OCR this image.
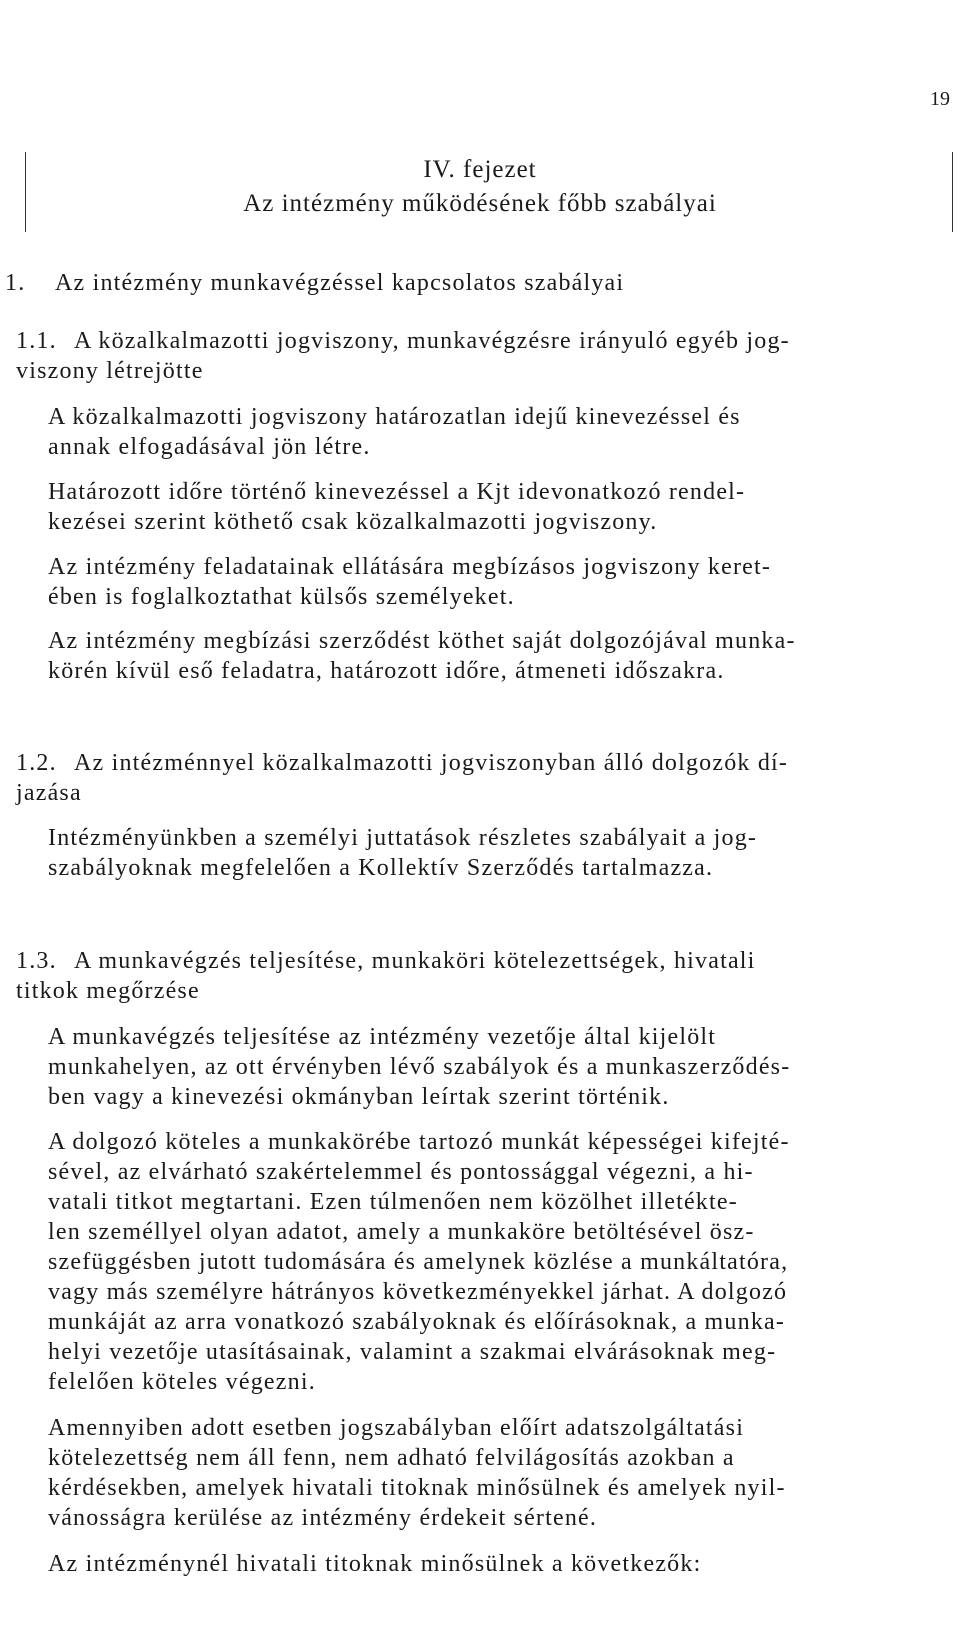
19
IV. fejezet
Az intézmény működésének főbb szabályai
1. Az intézmény munkavégzéssel kapcsolatos szabályai
1.1. A közalkalmazotti jogviszony, munkavégzésre irányuló egyéb jog-
viszony létrejötte
A közalkalmazotti jogviszony határozatlan idejű kinevezéssel és
annak elfogadásával jön létre.
Határozott időre történő kinevezéssel a Kjt idevonatkozó rendel-
kezései szerint köthető csak közalkalmazotti jogviszony.
Az intézmény feladatainak ellátására megbízásos jogviszony keret-
ében is foglalkoztathat külsős személyeket.
Az intézmény megbízási szerződést köthet saját dolgozójával munka-
körén kívül eső feladatra, határozott időre, átmeneti időszakra.
1.2. Az intézménnyel közalkalmazotti jogviszonyban álló dolgozók dí-
jazása
Intézményünkben a személyi juttatások részletes szabályait a jog-
szabályoknak megfelelően a Kollektív Szerződés tartalmazza.
1.3. A munkavégzés teljesítése, munkaköri kötelezettségek, hivatali
titkok megőrzése
A munkavégzés teljesítése az intézmény vezetője által kijelölt
munkahelyen, az ott érvényben lévő szabályok és a munkaszerződés-
ben vagy a kinevezési okmányban leírtak szerint történik.
A dolgozó köteles a munkakörébe tartozó munkát képességei kifejté-
sével, az elvárható szakértelemmel és pontossággal végezni, a hi-
vatali titkot megtartani. Ezen túlmenően nem közölhet illetékte-
len személlyel olyan adatot, amely a munkaköre betöltésével ösz-
szefüggésben jutott tudomására és amelynek közlése a munkáltatóra,
vagy más személyre hátrányos következményekkel járhat. A dolgozó
munkáját az arra vonatkozó szabályoknak és előírásoknak, a munka-
helyi vezetője utasításainak, valamint a szakmai elvárásoknak meg-
felelően köteles végezni.
Amennyiben adott esetben jogszabályban előírt adatszolgáltatási
kötelezettség nem áll fenn, nem adható felvilágosítás azokban a
kérdésekben, amelyek hivatali titoknak minősülnek és amelyek nyil-
vánosságra kerülése az intézmény érdekeit sértené.
Az intézménynél hivatali titoknak minősülnek a következők:
